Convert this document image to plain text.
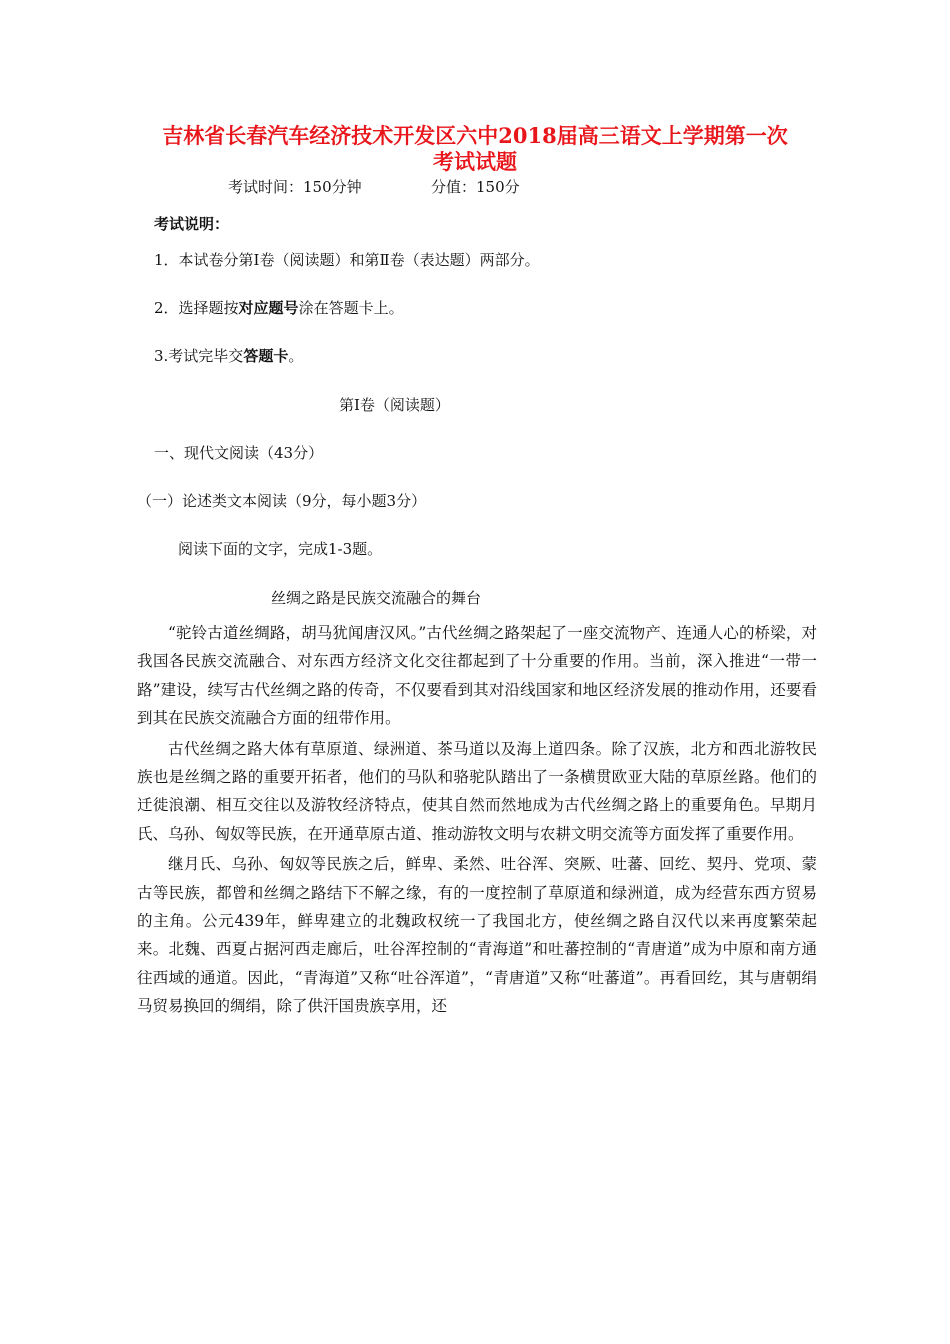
吉林省长春汽车经济技术开发区六中2018届高三语文上学期第一次
考试试题
考试时间：150分钟	分值：150分
考试说明：
1．本试卷分第Ⅰ卷（阅读题）和第Ⅱ卷（表达题）两部分。
2．选择题按对应题号涂在答题卡上。
3.考试完毕交答题卡。
第Ⅰ卷（阅读题）
一、现代文阅读（43分）
（一）论述类文本阅读（9分，每小题3分）
阅读下面的文字，完成1-3题。
丝绸之路是民族交流融合的舞台

“驼铃古道丝绸路，胡马犹闻唐汉风。”古代丝绸之路架起了一座交流物产、连通人心的桥梁，对我国各民族交流融合、对东西方经济文化交往都起到了十分重要的作用。当前，深入推进“一带一路”建设，续写古代丝绸之路的传奇，不仅要看到其对沿线国家和地区经济发展的推动作用，还要看到其在民族交流融合方面的纽带作用。

古代丝绸之路大体有草原道、绿洲道、茶马道以及海上道四条。除了汉族，北方和西北游牧民族也是丝绸之路的重要开拓者，他们的马队和骆驼队踏出了一条横贯欧亚大陆的草原丝路。他们的迁徙浪潮、相互交往以及游牧经济特点，使其自然而然地成为古代丝绸之路上的重要角色。早期月氏、乌孙、匈奴等民族，在开通草原古道、推动游牧文明与农耕文明交流等方面发挥了重要作用。

继月氏、乌孙、匈奴等民族之后，鲜卑、柔然、吐谷浑、突厥、吐蕃、回纥、契丹、党项、蒙古等民族，都曾和丝绸之路结下不解之缘，有的一度控制了草原道和绿洲道，成为经营东西方贸易的主角。公元439年，鲜卑建立的北魏政权统一了我国北方，使丝绸之路自汉代以来再度繁荣起来。北魏、西夏占据河西走廊后，吐谷浑控制的“青海道”和吐蕃控制的“青唐道”成为中原和南方通往西域的通道。因此，“青海道”又称“吐谷浑道”，“青唐道”又称“吐蕃道”。再看回纥，其与唐朝绢马贸易换回的绸绢，除了供汗国贵族享用，还
